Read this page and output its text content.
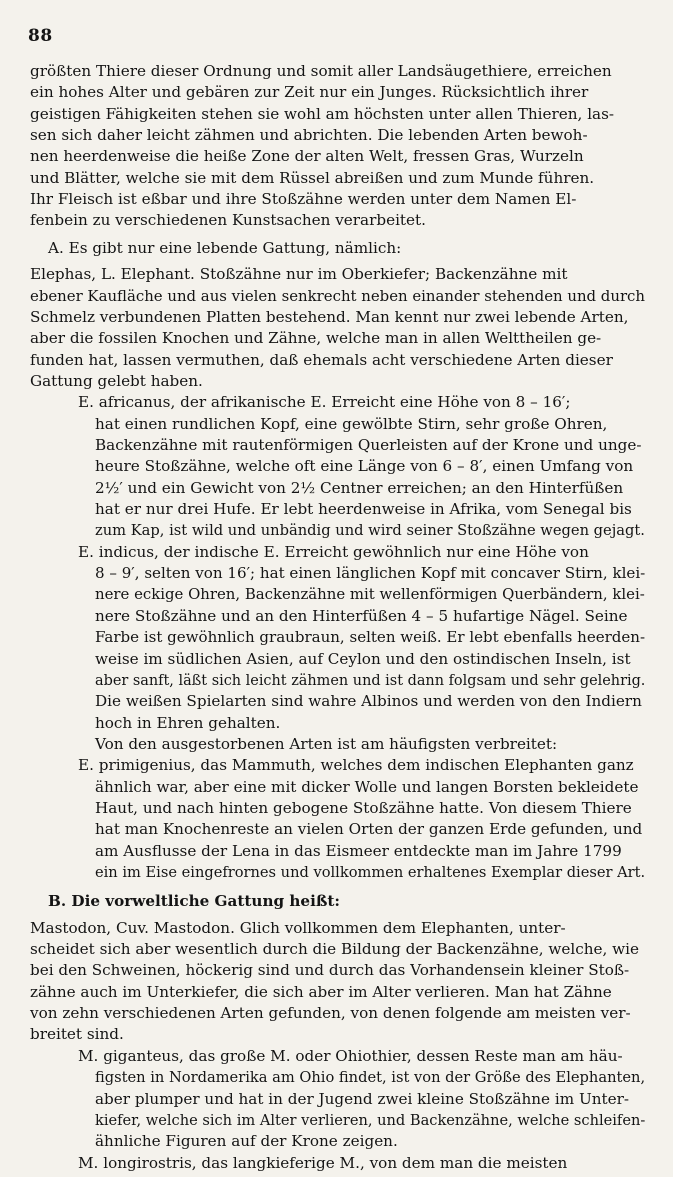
88
größten Thiere dieser Ordnung und somit aller Landsäugethiere, erreichen
ein hohes Alter und gebären zur Zeit nur ein Junges. Rücksichtlich ihrer
geistigen Fähigkeiten stehen sie wohl am höchsten unter allen Thieren, las-
sen sich daher leicht zähmen und abrichten. Die lebenden Arten bewoh-
nen heerdenweise die heiße Zone der alten Welt, fressen Gras, Wurzeln
und Blätter, welche sie mit dem Rüssel abreißen und zum Munde führen.
Ihr Fleisch ist eßbar und ihre Stoßzähne werden unter dem Namen El-
fenbein zu verschiedenen Kunstsachen verarbeitet.
A. Es gibt nur eine lebende Gattung, nämlich:
Elephas, L. Elephant. Stoßzähne nur im Oberkiefer; Backenzähne mit
ebener Kaufläche und aus vielen senkrecht neben einander stehenden und durch
Schmelz verbundenen Platten bestehend. Man kennt nur zwei lebende Arten,
aber die fossilen Knochen und Zähne, welche man in allen Welttheilen ge-
funden hat, lassen vermuthen, daß ehemals acht verschiedene Arten dieser
Gattung gelebt haben.
E. africanus, der afrikanische E. Erreicht eine Höhe von 8 – 16′;
hat einen rundlichen Kopf, eine gewölbte Stirn, sehr große Ohren,
Backenzähne mit rautenförmigen Querleisten auf der Krone und unge-
heure Stoßzähne, welche oft eine Länge von 6 – 8′, einen Umfang von
2½′ und ein Gewicht von 2½ Centner erreichen; an den Hinterfüßen
hat er nur drei Hufe. Er lebt heerdenweise in Afrika, vom Senegal bis
zum Kap, ist wild und unbändig und wird seiner Stoßzähne wegen gejagt.
E. indicus, der indische E. Erreicht gewöhnlich nur eine Höhe von
8 – 9′, selten von 16′; hat einen länglichen Kopf mit concaver Stirn, klei-
nere eckige Ohren, Backenzähne mit wellenförmigen Querbändern, klei-
nere Stoßzähne und an den Hinterfüßen 4 – 5 hufartige Nägel. Seine
Farbe ist gewöhnlich graubraun, selten weiß. Er lebt ebenfalls heerden-
weise im südlichen Asien, auf Ceylon und den ostindischen Inseln, ist
aber sanft, läßt sich leicht zähmen und ist dann folgsam und sehr gelehrig.
Die weißen Spielarten sind wahre Albinos und werden von den Indiern
hoch in Ehren gehalten.
Von den ausgestorbenen Arten ist am häufigsten verbreitet:
E. primigenius, das Mammuth, welches dem indischen Elephanten ganz
ähnlich war, aber eine mit dicker Wolle und langen Borsten bekleidete
Haut, und nach hinten gebogene Stoßzähne hatte. Von diesem Thiere
hat man Knochenreste an vielen Orten der ganzen Erde gefunden, und
am Ausflusse der Lena in das Eismeer entdeckte man im Jahre 1799
ein im Eise eingefrornes und vollkommen erhaltenes Exemplar dieser Art.
B. Die vorweltliche Gattung heißt:
Mastodon, Cuv. Mastodon. Glich vollkommen dem Elephanten, unter-
scheidet sich aber wesentlich durch die Bildung der Backenzähne, welche, wie
bei den Schweinen, höckerig sind und durch das Vorhandensein kleiner Stoß-
zähne auch im Unterkiefer, die sich aber im Alter verlieren. Man hat Zähne
von zehn verschiedenen Arten gefunden, von denen folgende am meisten ver-
breitet sind.
M. giganteus, das große M. oder Ohiothier, dessen Reste man am häu-
figsten in Nordamerika am Ohio findet, ist von der Größe des Elephanten,
aber plumper und hat in der Jugend zwei kleine Stoßzähne im Unter-
kiefer, welche sich im Alter verlieren, und Backenzähne, welche schleifen-
ähnliche Figuren auf der Krone zeigen.
M. longirostris, das langkieferige M., von dem man die meisten
